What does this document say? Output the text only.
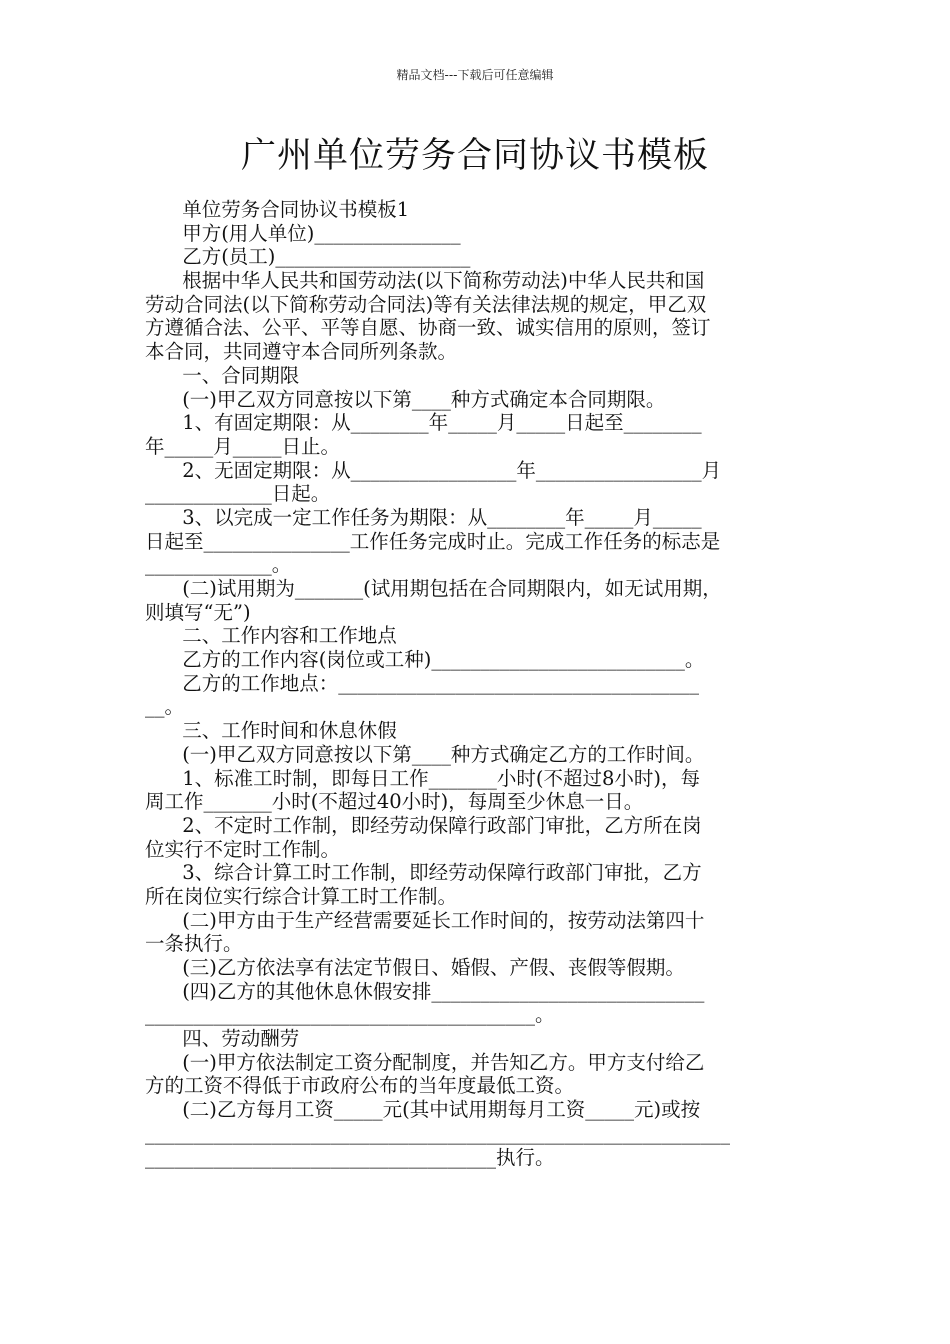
精品文档---下载后可任意编辑
广州单位劳务合同协议书模板
单位劳务合同协议书模板1
甲方(用人单位)_______________
乙方(员工)____________________
根据中华人民共和国劳动法(以下简称劳动法)中华人民共和国
劳动合同法(以下简称劳动合同法)等有关法律法规的规定，甲乙双
方遵循合法、公平、平等自愿、协商一致、诚实信用的原则，签订
本合同，共同遵守本合同所列条款。
一、合同期限
(一)甲乙双方同意按以下第____种方式确定本合同期限。
1、有固定期限：从________年_____月_____日起至________
年_____月_____日止。
2、无固定期限：从_________________年_________________月
_____________日起。
3、以完成一定工作任务为期限：从________年_____月_____
日起至_______________工作任务完成时止。完成工作任务的标志是
_____________。
(二)试用期为_______(试用期包括在合同期限内，如无试用期，
则填写“无”)
二、工作内容和工作地点
乙方的工作内容(岗位或工种)__________________________。
乙方的工作地点：_____________________________________
__。
三、工作时间和休息休假
(一)甲乙双方同意按以下第____种方式确定乙方的工作时间。
1、标准工时制，即每日工作_______小时(不超过8小时)，每
周工作_______小时(不超过40小时)，每周至少休息一日。
2、不定时工作制，即经劳动保障行政部门审批，乙方所在岗
位实行不定时工作制。
3、综合计算工时工作制，即经劳动保障行政部门审批，乙方
所在岗位实行综合计算工时工作制。
(二)甲方由于生产经营需要延长工作时间的，按劳动法第四十
一条执行。
(三)乙方依法享有法定节假日、婚假、产假、丧假等假期。
(四)乙方的其他休息休假安排____________________________
________________________________________。
四、劳动酬劳
(一)甲方依法制定工资分配制度，并告知乙方。甲方支付给乙
方的工资不得低于市政府公布的当年度最低工资。
(二)乙方每月工资_____元(其中试用期每月工资_____元)或按
____________________________________________________________
____________________________________执行。
